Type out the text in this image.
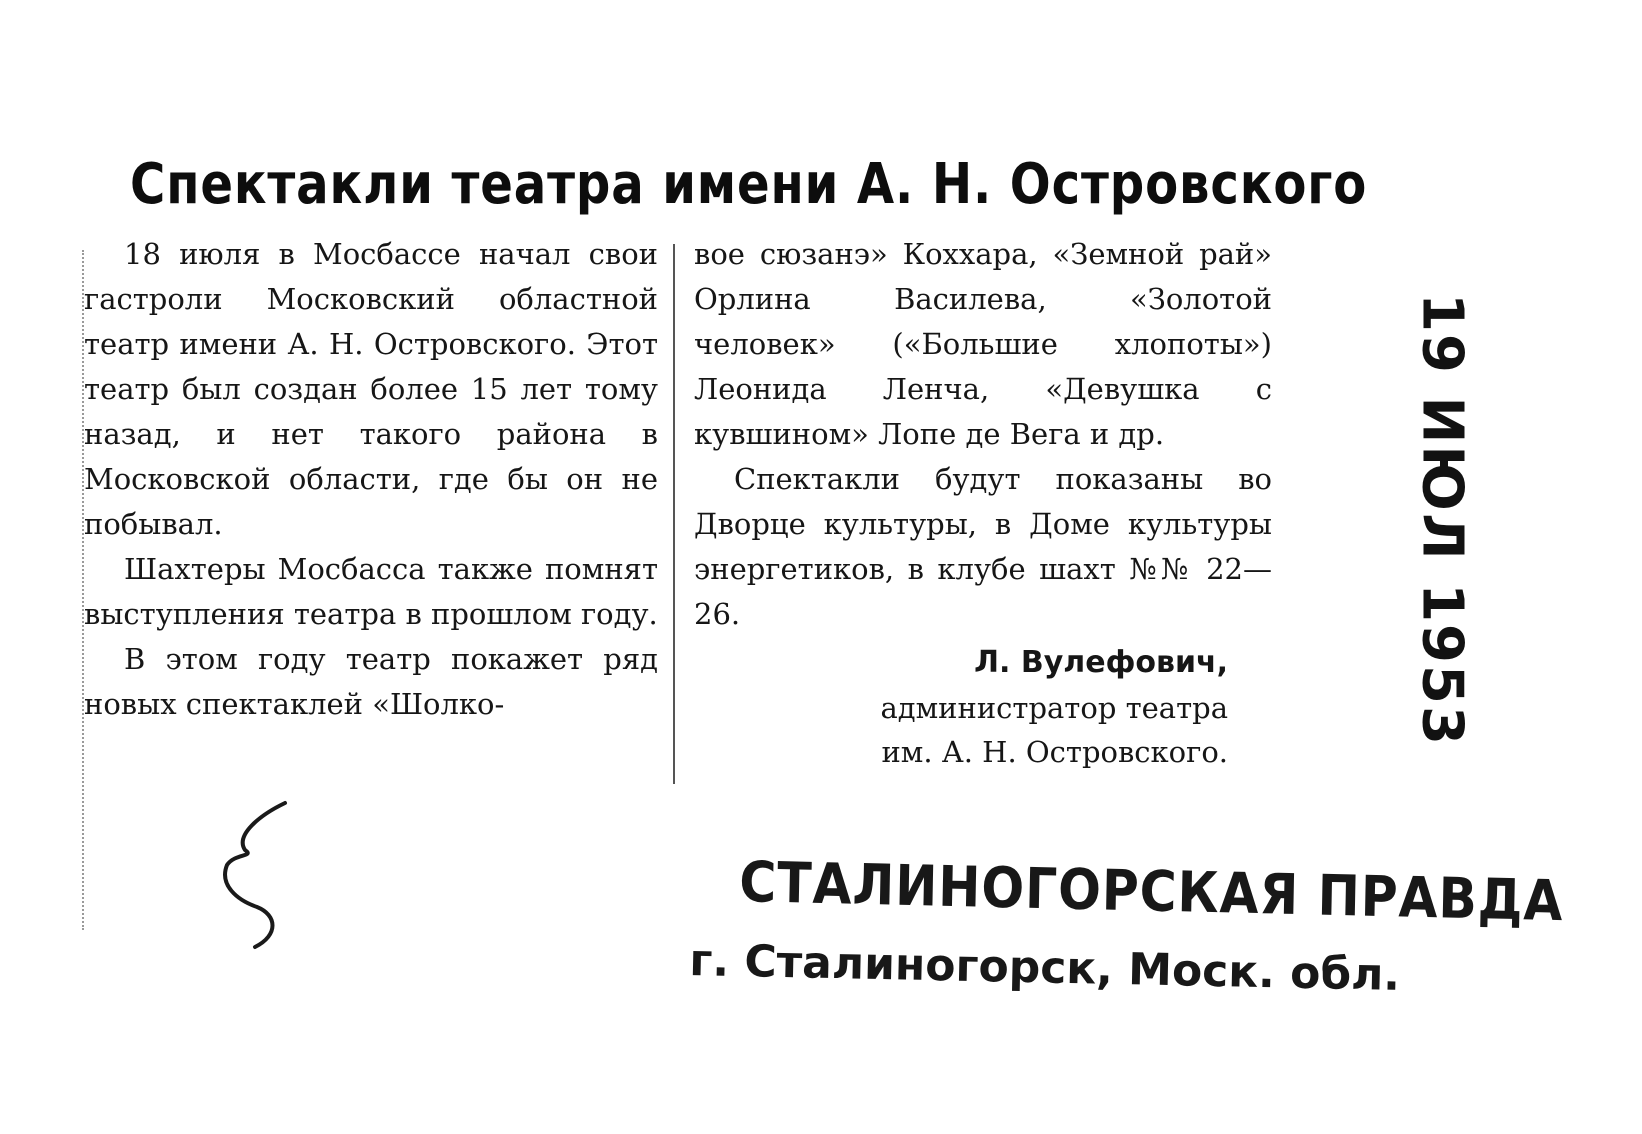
Спектакли театра имени А. Н. Островского

18 июля в Мосбассе начал свои гастроли Московский областной театр имени А. Н. Островского. Этот театр был создан более 15 лет тому назад, и нет такого района в Московской области, где бы он не побывал.

Шахтеры Мосбасса также помнят выступления театра в прошлом году.

В этом году театр покажет ряд новых спектаклей «Шолко-

вое сюзанэ» Коххара, «Земной рай» Орлина Василева, «Золотой человек» («Большие хлопоты») Леонида Ленча, «Девушка с кувшином» Лопе де Вега и др.

Спектакли будут показаны во Дворце культуры, в Доме культуры энергетиков, в клубе шахт №№ 22—26.

Л. Вулефович,
администратор театра
им. А. Н. Островского.
19 ИЮЛ 1953
СТАЛИНОГОРСКАЯ ПРАВДА
г. Сталиногорск, Моск. обл.
